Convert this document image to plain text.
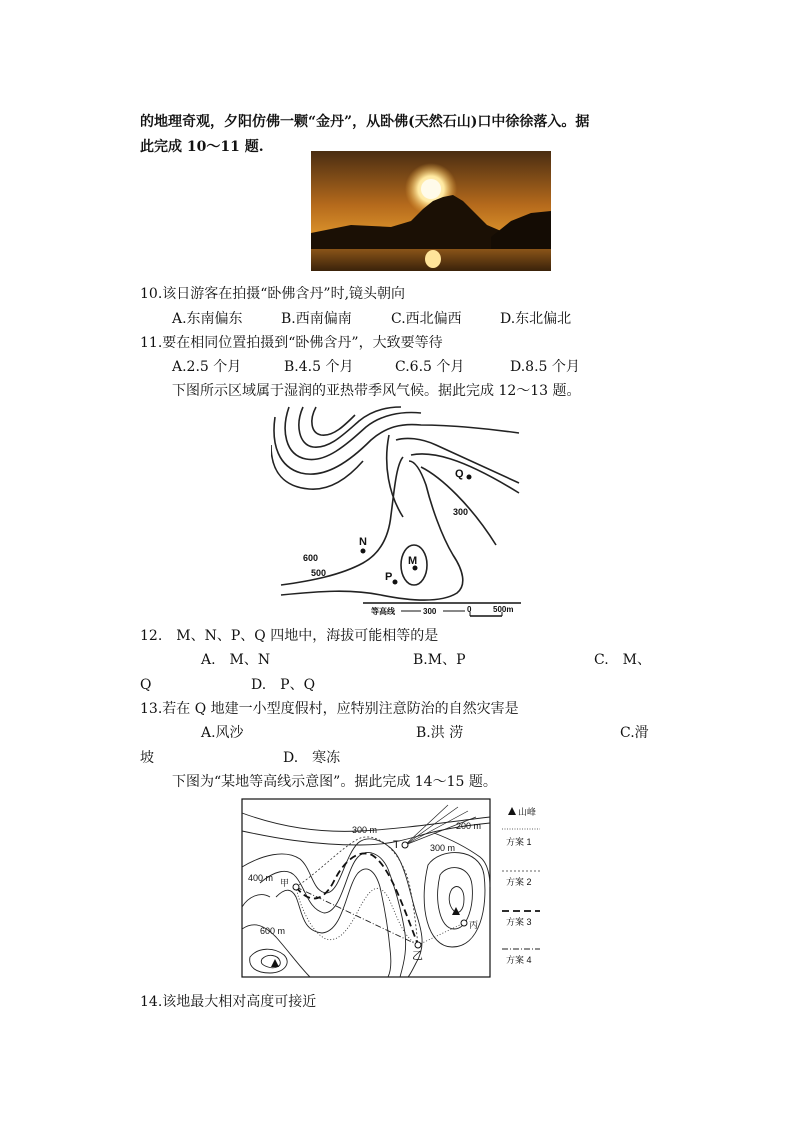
的地理奇观，夕阳仿佛一颗“金丹”，从卧佛(天然石山)口中徐徐落入。据
此完成 10～11 题.
10.该日游客在拍摄“卧佛含丹”时,镜头朝向
A.东南偏东	B.西南偏南	C.西北偏西	D.东北偏北
11.要在相同位置拍摄到“卧佛含丹”，大致要等待
A.2.5 个月	B.4.5 个月	C.6.5 个月	D.8.5 个月
下图所示区域属于湿润的亚热带季风气候。据此完成 12～13 题。
Q
N
M
P
300
600
500
等高线	300	0	500m
12.　M、N、P、Q 四地中，海拔可能相等的是
A.　M、N	B.M、P	C.　M、
Q	D.　P、Q
13.若在 Q 地建一小型度假村，应特别注意防治的自然灾害是
A.风沙	B.洪 涝	C.滑
坡	D.　寒冻
下图为“某地等高线示意图”。据此完成 14～15 题。
300 m	200 m
300 m
400 m
600 m
T
甲
乙
丙
山峰
方案 1
方案 2
方案 3
方案 4
14.该地最大相对高度可接近
